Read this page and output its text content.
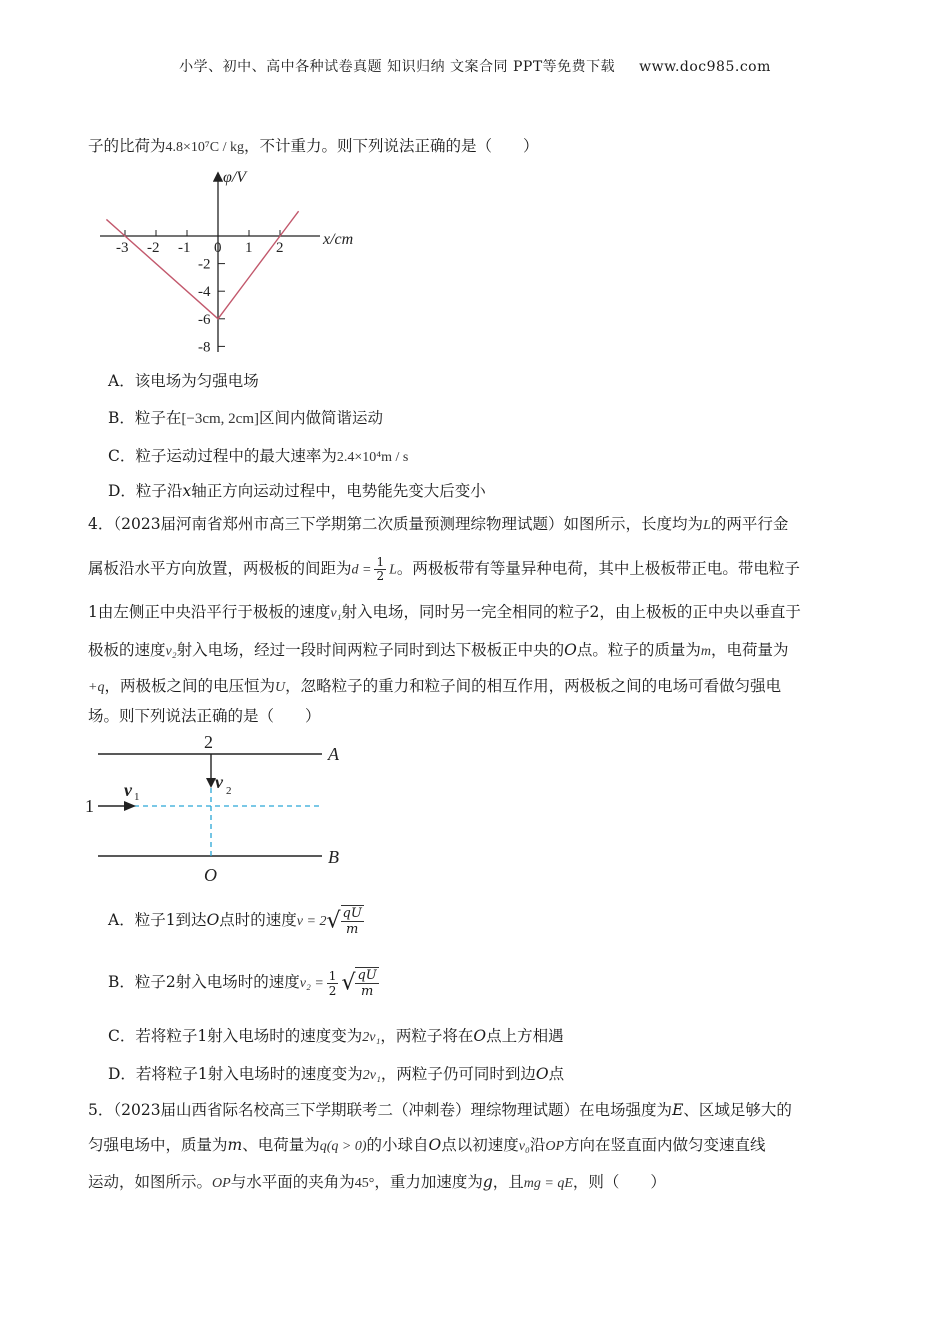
小学、初中、高中各种试卷真题 知识归纳 文案合同 PPT等免费下载 www.doc985.com
子的比荷为4.8×10⁷C / kg，不计重力。则下列说法正确的是（　　）
-3 -2 -1 0 1 2
-2
-4
-6
-8
φ/V
x/cm
A．该电场为匀强电场
B．粒子在[−3cm, 2cm]区间内做简谐运动
C．粒子运动过程中的最大速率为2.4×10⁴m / s
D．粒子沿x轴正方向运动过程中，电势能先变大后变小
4．（2023届河南省郑州市高三下学期第二次质量预测理综物理试题）如图所示，长度均为L的两平行金
属板沿水平方向放置，两极板的间距为$d = \frac{1}{2}$ L。两极板带有等量异种电荷，其中上极板带正电。带电粒子
1由左侧正中央沿平行于极板的速度v₁射入电场，同时另一完全相同的粒子2，由上极板的正中央以垂直于
极板的速度v₂射入电场，经过一段时间两粒子同时到达下极板正中央的O点。粒子的质量为m，电荷量为
+q，两极板之间的电压恒为U，忽略粒子的重力和粒子间的相互作用，两极板之间的电场可看做匀强电
场。则下列说法正确的是（　　）
2
A
v 1
v 2
1
B
O
A．粒子1到达O点时的速度$v = 2√ \frac{qU}{m}$
B．粒子2射入电场时的速度$v_2 = \frac{1}{2}$ √ $\frac{qU}{m}$
C．若将粒子1射入电场时的速度变为2v₁，两粒子将在O点上方相遇
D．若将粒子1射入电场时的速度变为2v₁，两粒子仍可同时到边O点
5．（2023届山西省际名校高三下学期联考二（冲刺卷）理综物理试题）在电场强度为E、区域足够大的
匀强电场中，质量为m、电荷量为q(q > 0)的小球自O点以初速度v₀沿OP方向在竖直面内做匀变速直线
运动，如图所示。OP与水平面的夹角为45°，重力加速度为g，且mg = qE，则（　　）
